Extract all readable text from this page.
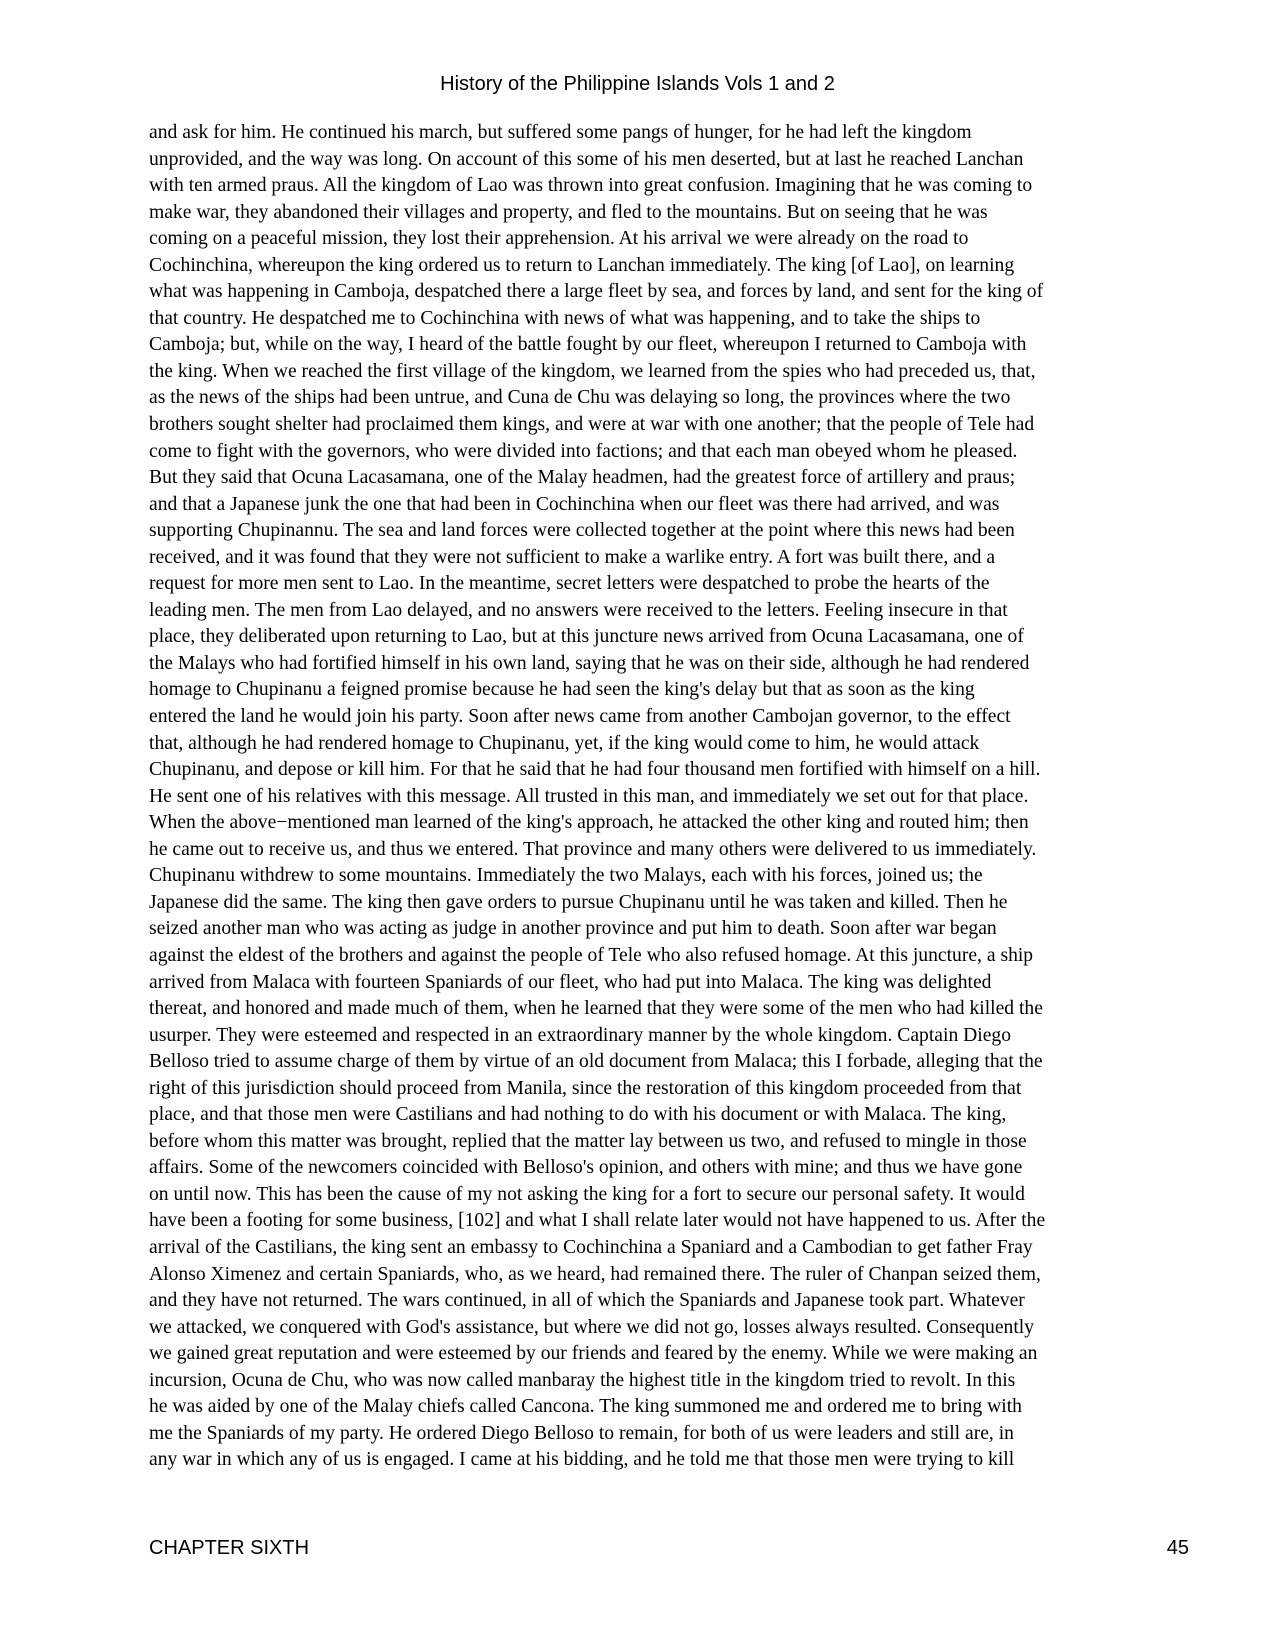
History of the Philippine Islands Vols 1 and 2
and ask for him. He continued his march, but suffered some pangs of hunger, for he had left the kingdom
unprovided, and the way was long. On account of this some of his men deserted, but at last he reached Lanchan
with ten armed praus. All the kingdom of Lao was thrown into great confusion. Imagining that he was coming to
make war, they abandoned their villages and property, and fled to the mountains. But on seeing that he was
coming on a peaceful mission, they lost their apprehension. At his arrival we were already on the road to
Cochinchina, whereupon the king ordered us to return to Lanchan immediately. The king [of Lao], on learning
what was happening in Camboja, despatched there a large fleet by sea, and forces by land, and sent for the king of
that country. He despatched me to Cochinchina with news of what was happening, and to take the ships to
Camboja; but, while on the way, I heard of the battle fought by our fleet, whereupon I returned to Camboja with
the king. When we reached the first village of the kingdom, we learned from the spies who had preceded us, that,
as the news of the ships had been untrue, and Cuna de Chu was delaying so long, the provinces where the two
brothers sought shelter had proclaimed them kings, and were at war with one another; that the people of Tele had
come to fight with the governors, who were divided into factions; and that each man obeyed whom he pleased.
But they said that Ocuna Lacasamana, one of the Malay headmen, had the greatest force of artillery and praus;
and that a Japanese junk the one that had been in Cochinchina when our fleet was there had arrived, and was
supporting Chupinannu. The sea and land forces were collected together at the point where this news had been
received, and it was found that they were not sufficient to make a warlike entry. A fort was built there, and a
request for more men sent to Lao. In the meantime, secret letters were despatched to probe the hearts of the
leading men. The men from Lao delayed, and no answers were received to the letters. Feeling insecure in that
place, they deliberated upon returning to Lao, but at this juncture news arrived from Ocuna Lacasamana, one of
the Malays who had fortified himself in his own land, saying that he was on their side, although he had rendered
homage to Chupinanu a feigned promise because he had seen the king's delay but that as soon as the king
entered the land he would join his party. Soon after news came from another Cambojan governor, to the effect
that, although he had rendered homage to Chupinanu, yet, if the king would come to him, he would attack
Chupinanu, and depose or kill him. For that he said that he had four thousand men fortified with himself on a hill.
He sent one of his relatives with this message. All trusted in this man, and immediately we set out for that place.
When the above−mentioned man learned of the king's approach, he attacked the other king and routed him; then
he came out to receive us, and thus we entered. That province and many others were delivered to us immediately.
Chupinanu withdrew to some mountains. Immediately the two Malays, each with his forces, joined us; the
Japanese did the same. The king then gave orders to pursue Chupinanu until he was taken and killed. Then he
seized another man who was acting as judge in another province and put him to death. Soon after war began
against the eldest of the brothers and against the people of Tele who also refused homage. At this juncture, a ship
arrived from Malaca with fourteen Spaniards of our fleet, who had put into Malaca. The king was delighted
thereat, and honored and made much of them, when he learned that they were some of the men who had killed the
usurper. They were esteemed and respected in an extraordinary manner by the whole kingdom. Captain Diego
Belloso tried to assume charge of them by virtue of an old document from Malaca; this I forbade, alleging that the
right of this jurisdiction should proceed from Manila, since the restoration of this kingdom proceeded from that
place, and that those men were Castilians and had nothing to do with his document or with Malaca. The king,
before whom this matter was brought, replied that the matter lay between us two, and refused to mingle in those
affairs. Some of the newcomers coincided with Belloso's opinion, and others with mine; and thus we have gone
on until now. This has been the cause of my not asking the king for a fort to secure our personal safety. It would
have been a footing for some business, [102] and what I shall relate later would not have happened to us. After the
arrival of the Castilians, the king sent an embassy to Cochinchina a Spaniard and a Cambodian to get father Fray
Alonso Ximenez and certain Spaniards, who, as we heard, had remained there. The ruler of Chanpan seized them,
and they have not returned. The wars continued, in all of which the Spaniards and Japanese took part. Whatever
we attacked, we conquered with God's assistance, but where we did not go, losses always resulted. Consequently
we gained great reputation and were esteemed by our friends and feared by the enemy. While we were making an
incursion, Ocuna de Chu, who was now called manbaray the highest title in the kingdom tried to revolt. In this
he was aided by one of the Malay chiefs called Cancona. The king summoned me and ordered me to bring with
me the Spaniards of my party. He ordered Diego Belloso to remain, for both of us were leaders and still are, in
any war in which any of us is engaged. I came at his bidding, and he told me that those men were trying to kill
CHAPTER SIXTH	45
